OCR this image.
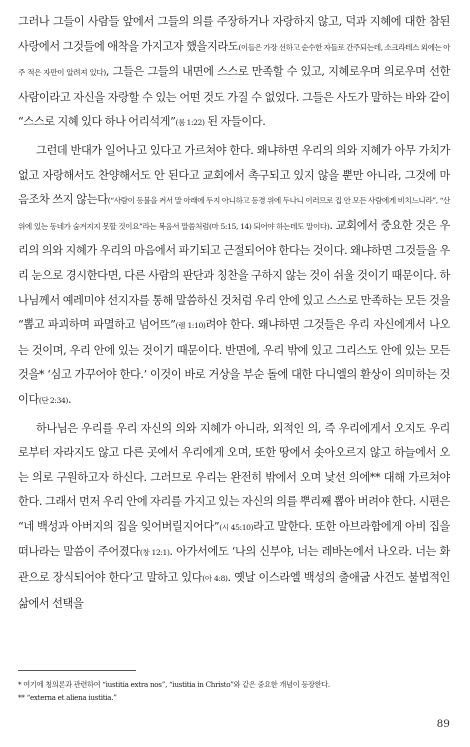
그러나 그들이 사람들 앞에서 그들의 의를 주장하거나 자랑하지 않고, 덕과 지혜에 대한 참된 사랑에서 그것들에 애착을 가지고자 했을지라도(이들은 가장 선하고 순수한 자들로 간주되는데, 소크라테스 외에는 아주 적은 자만이 알려져 있다), 그들은 그들의 내면에 스스로 만족할 수 있고, 지혜로우며 의로우며 선한 사람이라고 자신을 자랑할 수 있는 어떤 것도 가질 수 없었다. 그들은 사도가 말하는 바와 같이 “스스로 지혜 있다 하나 어리석게”(롬 1:22) 된 자들이다.

그런데 반대가 일어나고 있다고 가르쳐야 한다. 왜냐하면 우리의 의와 지혜가 아무 가치가 없고 자랑해서도 찬양해서도 안 된다고 교회에서 촉구되고 있지 않을 뿐만 아니라, 그것에 마음조차 쓰지 않는다(“사람이 등불을 켜서 말 아래에 두지 아니하고 등경 위에 두나니 이러므로 집 안 모든 사람에게 비치느니라”, “산 위에 있는 동네가 숨겨지지 못할 것이요”라는 복음서 말씀처럼(마 5:15, 14) 되어야 하는데도 말이다). 교회에서 중요한 것은 우리의 의와 지혜가 우리의 마음에서 파기되고 근절되어야 한다는 것이다. 왜냐하면 그것들을 우리 눈으로 경시한다면, 다른 사람의 판단과 칭찬을 구하지 않는 것이 쉬울 것이기 때문이다. 하나님께서 예레미야 선지자를 통해 말씀하신 것처럼 우리 안에 있고 스스로 만족하는 모든 것을 “뽑고 파괴하며 파멸하고 넘어뜨”(렘 1:10)려야 한다. 왜냐하면 그것들은 우리 자신에게서 나오는 것이며, 우리 안에 있는 것이기 때문이다. 반면에, 우리 밖에 있고 그리스도 안에 있는 모든 것을* ‘심고 가꾸어야 한다.’ 이것이 바로 거상을 부순 돌에 대한 다니엘의 환상이 의미하는 것이다(단 2:34).

하나님은 우리를 우리 자신의 의와 지혜가 아니라, 외적인 의, 즉 우리에게서 오지도 우리로부터 자라지도 않고 다른 곳에서 우리에게 오며, 또한 땅에서 솟아오르지 않고 하늘에서 오는 의로 구원하고자 하신다. 그러므로 우리는 완전히 밖에서 오며 낯선 의에** 대해 가르쳐야 한다. 그래서 먼저 우리 안에 자리를 가지고 있는 자신의 의를 뿌리째 뽑아 버려야 한다. 시편은 “네 백성과 아버지의 집을 잊어버릴지어다”(시 45:10)라고 말한다. 또한 아브라함에게 아비 집을 떠나라는 말씀이 주어졌다(창 12:1). 아가서에도 ‘나의 신부야, 너는 레바논에서 나오라. 너는 화관으로 장식되어야 한다’고 말하고 있다(아 4:8). 옛날 이스라엘 백성의 출애굽 사건도 불법적인 삶에서 선택을

* 여기에 칭의론과 관련하여 “iustitia extra nos”, “iustitia in Christo”와 같은 중요한 개념이 등장한다.

** “externa et aliena iustitia.”

89
